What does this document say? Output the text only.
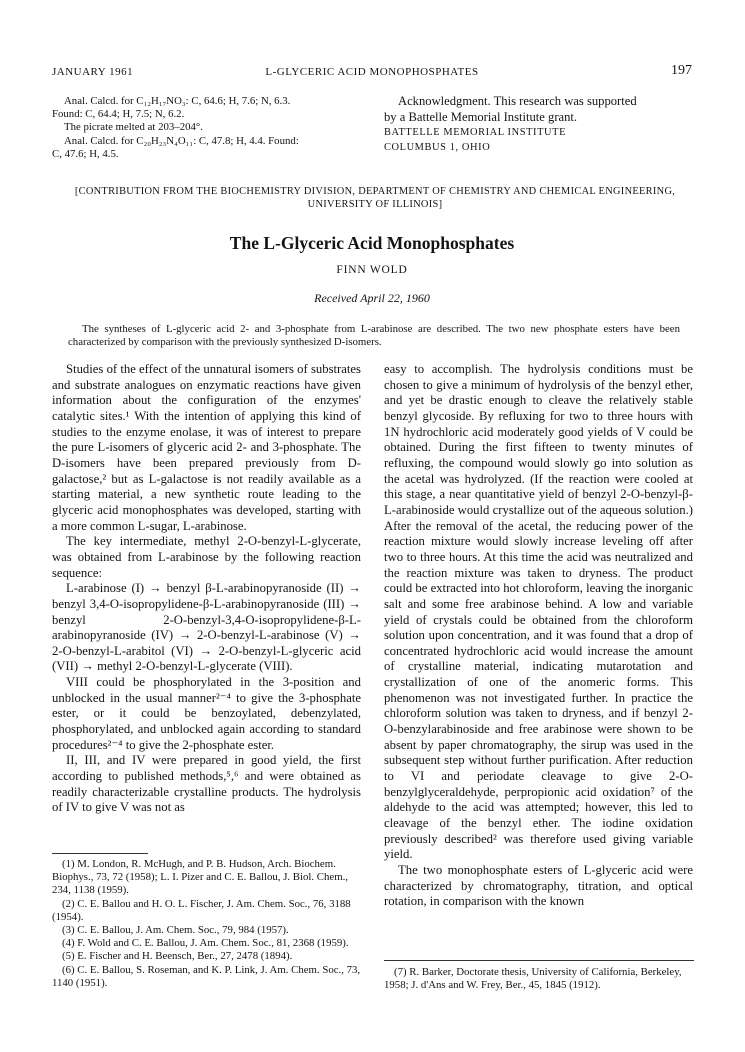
JANUARY 1961	L-GLYCERIC ACID MONOPHOSPHATES	197
Anal. Calcd. for C₁₂H₁₇NO₃: C, 64.6; H, 7.6; N, 6.3.
Found: C, 64.4; H, 7.5; N, 6.2.
The picrate melted at 203–204°.
Anal. Calcd. for C₂₀H₂₃N₄O₁₁: C, 47.8; H, 4.4. Found:
C, 47.6; H, 4.5.
Acknowledgment. This research was supported
by a Battelle Memorial Institute grant.
BATTELLE MEMORIAL INSTITUTE
COLUMBUS 1, OHIO
[CONTRIBUTION FROM THE BIOCHEMISTRY DIVISION, DEPARTMENT OF CHEMISTRY AND CHEMICAL ENGINEERING, UNIVERSITY OF ILLINOIS]
The L-Glyceric Acid Monophosphates
FINN WOLD
Received April 22, 1960
The syntheses of L-glyceric acid 2- and 3-phosphate from L-arabinose are described. The two new phosphate esters have been characterized by comparison with the previously synthesized D-isomers.

Studies of the effect of the unnatural isomers of substrates and substrate analogues on enzymatic reactions have given information about the configuration of the enzymes' catalytic sites.¹ With the intention of applying this kind of studies to the enzyme enolase, it was of interest to prepare the pure L-isomers of glyceric acid 2- and 3-phosphate. The D-isomers have been prepared previously from D-galactose,² but as L-galactose is not readily available as a starting material, a new synthetic route leading to the glyceric acid monophosphates was developed, starting with a more common L-sugar, L-arabinose.

The key intermediate, methyl 2-O-benzyl-L-glycerate, was obtained from L-arabinose by the following reaction sequence:

L-arabinose (I) → benzyl β-L-arabinopyranoside (II) → benzyl 3,4-O-isopropylidene-β-L-arabinopyranoside (III) → benzyl 2-O-benzyl-3,4-O-isopropylidene-β-L-arabinopyranoside (IV) → 2-O-benzyl-L-arabinose (V) → 2-O-benzyl-L-arabitol (VI) → 2-O-benzyl-L-glyceric acid (VII) → methyl 2-O-benzyl-L-glycerate (VIII).

VIII could be phosphorylated in the 3-position and unblocked in the usual manner²⁻⁴ to give the 3-phosphate ester, or it could be benzoylated, debenzylated, phosphorylated, and unblocked again according to standard procedures²⁻⁴ to give the 2-phosphate ester.

II, III, and IV were prepared in good yield, the first according to published methods,⁵,⁶ and were obtained as readily characterizable crystalline products. The hydrolysis of IV to give V was not as

easy to accomplish. The hydrolysis conditions must be chosen to give a minimum of hydrolysis of the benzyl ether, and yet be drastic enough to cleave the relatively stable benzyl glycoside. By refluxing for two to three hours with 1N hydrochloric acid moderately good yields of V could be obtained. During the first fifteen to twenty minutes of refluxing, the compound would slowly go into solution as the acetal was hydrolyzed. (If the reaction were cooled at this stage, a near quantitative yield of benzyl 2-O-benzyl-β-L-arabinoside would crystallize out of the aqueous solution.) After the removal of the acetal, the reducing power of the reaction mixture would slowly increase leveling off after two to three hours. At this time the acid was neutralized and the reaction mixture was taken to dryness. The product could be extracted into hot chloroform, leaving the inorganic salt and some free arabinose behind. A low and variable yield of crystals could be obtained from the chloroform solution upon concentration, and it was found that a drop of concentrated hydrochloric acid would increase the amount of crystalline material, indicating mutarotation and crystallization of one of the anomeric forms. This phenomenon was not investigated further. In practice the chloroform solution was taken to dryness, and if benzyl 2-O-benzylarabinoside and free arabinose were shown to be absent by paper chromatography, the sirup was used in the subsequent step without further purification. After reduction to VI and periodate cleavage to give 2-O-benzylglyceraldehyde, perpropionic acid oxidation⁷ of the aldehyde to the acid was attempted; however, this led to cleavage of the benzyl ether. The iodine oxidation previously described² was therefore used giving variable yield.

The two monophosphate esters of L-glyceric acid were characterized by chromatography, titration, and optical rotation, in comparison with the known

(1) M. London, R. McHugh, and P. B. Hudson, Arch. Biochem. Biophys., 73, 72 (1958); L. I. Pizer and C. E. Ballou, J. Biol. Chem., 234, 1138 (1959).

(2) C. E. Ballou and H. O. L. Fischer, J. Am. Chem. Soc., 76, 3188 (1954).

(3) C. E. Ballou, J. Am. Chem. Soc., 79, 984 (1957).

(4) F. Wold and C. E. Ballou, J. Am. Chem. Soc., 81, 2368 (1959).

(5) E. Fischer and H. Beensch, Ber., 27, 2478 (1894).

(6) C. E. Ballou, S. Roseman, and K. P. Link, J. Am. Chem. Soc., 73, 1140 (1951).

(7) R. Barker, Doctorate thesis, University of California, Berkeley, 1958; J. d'Ans and W. Frey, Ber., 45, 1845 (1912).
